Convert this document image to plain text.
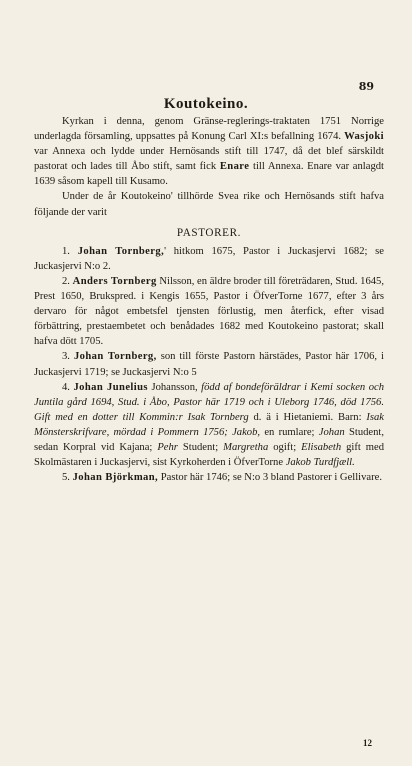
89
Koutokeino.

Kyrkan i denna, genom Gränse-reglerings-traktaten 1751 Norrige underlagda församling, uppsattes på Konung Carl XI:s befallning 1674. Wasjoki var Annexa och lydde under Hernösands stift till 1747, då det blef särskildt pastorat och lades till Åbo stift, samt fick Enare till Annexa. Enare var anlagdt 1639 såsom kapell till Kusamo.

Under de år Koutokeino' tillhörde Svea rike och Hernösands stift hafva följande der varit

PASTORER.

1. Johan Tornberg,' hitkom 1675, Pastor i Juckasjervi 1682; se Juckasjervi N:o 2.

2. Anders Tornberg Nilsson, en äldre broder till företrädaren, Stud. 1645, Prest 1650, Brukspred. i Kengis 1655, Pastor i ÖfverTorne 1677, efter 3 års dervaro för något embetsfel tjensten förlustig, men återfick, efter visad förbättring, prestaembetet och benådades 1682 med Koutokeino pastorat; skall hafva dött 1705.

3. Johan Tornberg, son till förste Pastorn härstädes, Pastor här 1706, i Juckasjervi 1719; se Juckasjervi N:o 5

4. Johan Junelius Johansson, född af bondeföräldrar i Kemi socken och Juntila gård 1694, Stud. i Åbo, Pastor här 1719 och i Uleborg 1746, död 1756. Gift med en dotter till Kommin:r Isak Tornberg d. ä i Hietaniemi. Barn: Isak Mönsterskrifvare, mördad i Pommern 1756; Jakob, en rumlare; Johan Student, sedan Korpral vid Kajana; Pehr Student; Margretha ogift; Elisabeth gift med Skolmästaren i Juckasjervi, sist Kyrkoherden i ÖfverTorne Jakob Turdfjæll.

5. Johan Björkman, Pastor här 1746; se N:o 3 bland Pastorer i Gellivare.

12
